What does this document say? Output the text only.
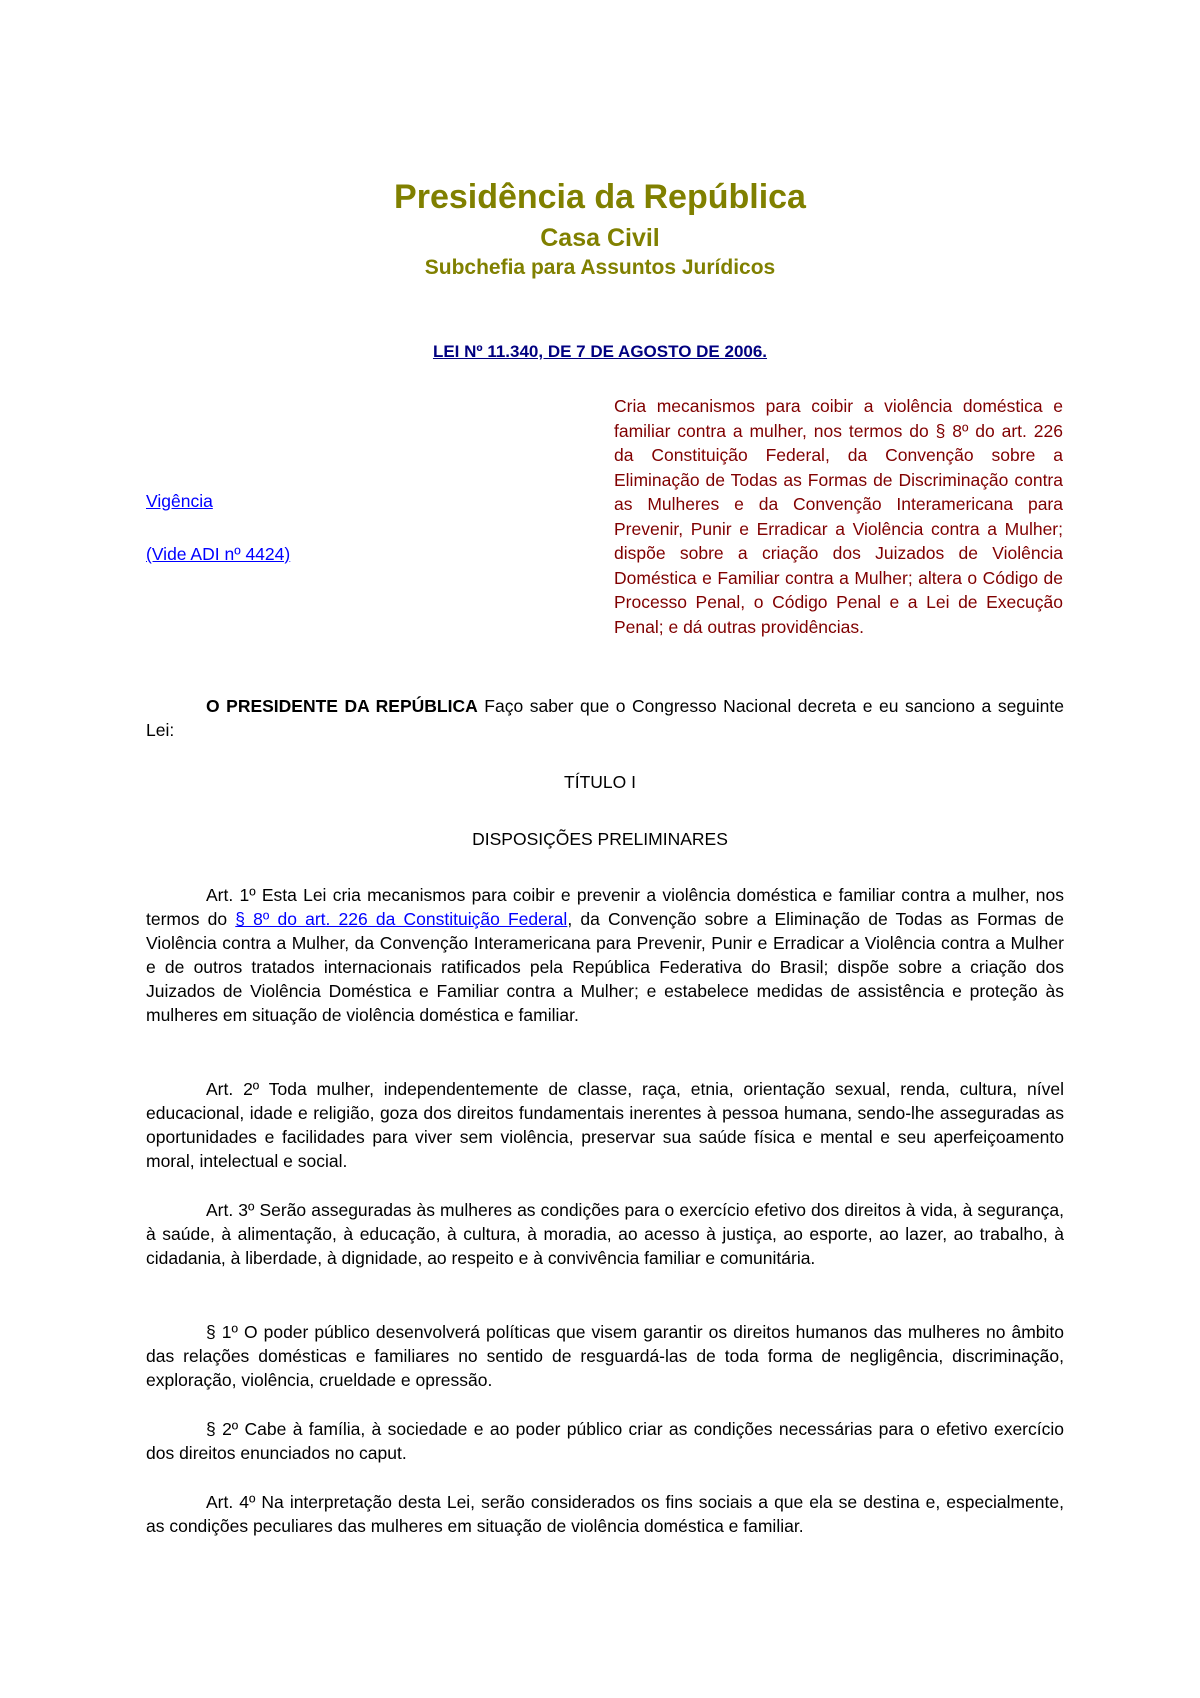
Presidência da República
Casa Civil
Subchefia para Assuntos Jurídicos
LEI Nº 11.340, DE 7 DE AGOSTO DE 2006.
Vigência
(Vide ADI nº 4424)
Cria mecanismos para coibir a violência doméstica e familiar contra a mulher, nos termos do § 8º do art. 226 da Constituição Federal, da Convenção sobre a Eliminação de Todas as Formas de Discriminação contra as Mulheres e da Convenção Interamericana para Prevenir, Punir e Erradicar a Violência contra a Mulher; dispõe sobre a criação dos Juizados de Violência Doméstica e Familiar contra a Mulher; altera o Código de Processo Penal, o Código Penal e a Lei de Execução Penal; e dá outras providências.
O PRESIDENTE DA REPÚBLICA Faço saber que o Congresso Nacional decreta e eu sanciono a seguinte Lei:
TÍTULO I
DISPOSIÇÕES PRELIMINARES
Art. 1º Esta Lei cria mecanismos para coibir e prevenir a violência doméstica e familiar contra a mulher, nos termos do § 8º do art. 226 da Constituição Federal, da Convenção sobre a Eliminação de Todas as Formas de Violência contra a Mulher, da Convenção Interamericana para Prevenir, Punir e Erradicar a Violência contra a Mulher e de outros tratados internacionais ratificados pela República Federativa do Brasil; dispõe sobre a criação dos Juizados de Violência Doméstica e Familiar contra a Mulher; e estabelece medidas de assistência e proteção às mulheres em situação de violência doméstica e familiar.
Art. 2º Toda mulher, independentemente de classe, raça, etnia, orientação sexual, renda, cultura, nível educacional, idade e religião, goza dos direitos fundamentais inerentes à pessoa humana, sendo-lhe asseguradas as oportunidades e facilidades para viver sem violência, preservar sua saúde física e mental e seu aperfeiçoamento moral, intelectual e social.
Art. 3º Serão asseguradas às mulheres as condições para o exercício efetivo dos direitos à vida, à segurança, à saúde, à alimentação, à educação, à cultura, à moradia, ao acesso à justiça, ao esporte, ao lazer, ao trabalho, à cidadania, à liberdade, à dignidade, ao respeito e à convivência familiar e comunitária.
§ 1º O poder público desenvolverá políticas que visem garantir os direitos humanos das mulheres no âmbito das relações domésticas e familiares no sentido de resguardá-las de toda forma de negligência, discriminação, exploração, violência, crueldade e opressão.
§ 2º Cabe à família, à sociedade e ao poder público criar as condições necessárias para o efetivo exercício dos direitos enunciados no caput.
Art. 4º Na interpretação desta Lei, serão considerados os fins sociais a que ela se destina e, especialmente, as condições peculiares das mulheres em situação de violência doméstica e familiar.
